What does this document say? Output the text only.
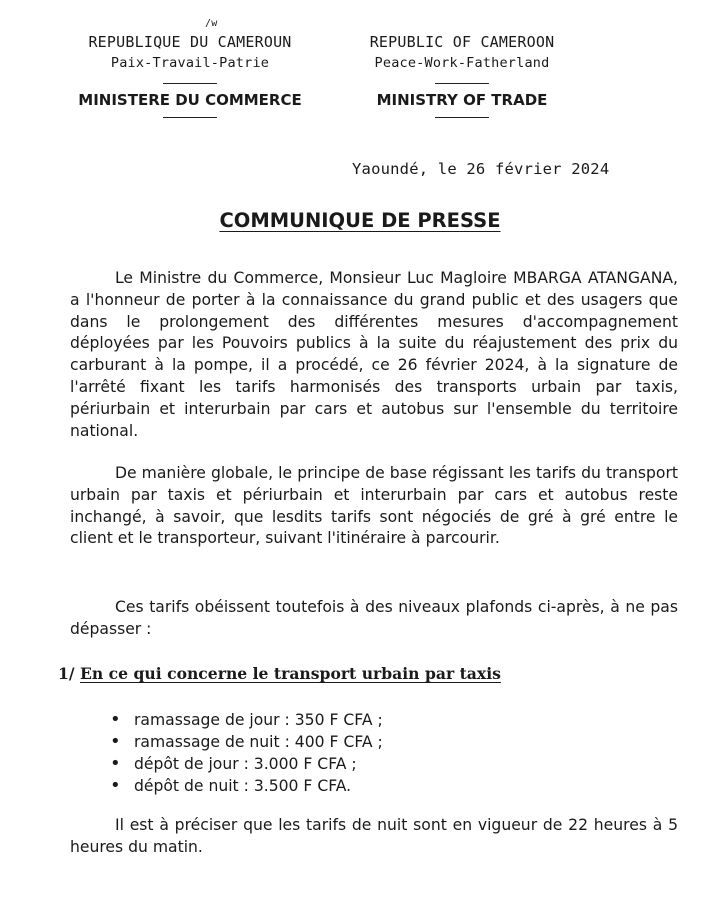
/w
REPUBLIQUE DU CAMEROUN
Paix-Travail-Patrie
MINISTERE DU COMMERCE
REPUBLIC OF CAMEROON
Peace-Work-Fatherland
MINISTRY OF TRADE
Yaoundé, le 26 février 2024
COMMUNIQUE DE PRESSE
Le Ministre du Commerce, Monsieur Luc Magloire MBARGA ATANGANA, a l'honneur de porter à la connaissance du grand public et des usagers que dans le prolongement des différentes mesures d'accompagnement déployées par les Pouvoirs publics à la suite du réajustement des prix du carburant à la pompe, il a procédé, ce 26 février 2024, à la signature de l'arrêté fixant les tarifs harmonisés des transports urbain par taxis, périurbain et interurbain par cars et autobus sur l'ensemble du territoire national.
De manière globale, le principe de base régissant les tarifs du transport urbain par taxis et périurbain et interurbain par cars et autobus reste inchangé, à savoir, que lesdits tarifs sont négociés de gré à gré entre le client et le transporteur, suivant l'itinéraire à parcourir.
Ces tarifs obéissent toutefois à des niveaux plafonds ci-après, à ne pas dépasser :
1/ En ce qui concerne le transport urbain par taxis
• ramassage de jour : 350 F CFA ;
• ramassage de nuit : 400 F CFA ;
• dépôt de jour : 3.000 F CFA ;
• dépôt de nuit : 3.500 F CFA.
Il est à préciser que les tarifs de nuit sont en vigueur de 22 heures à 5 heures du matin.
